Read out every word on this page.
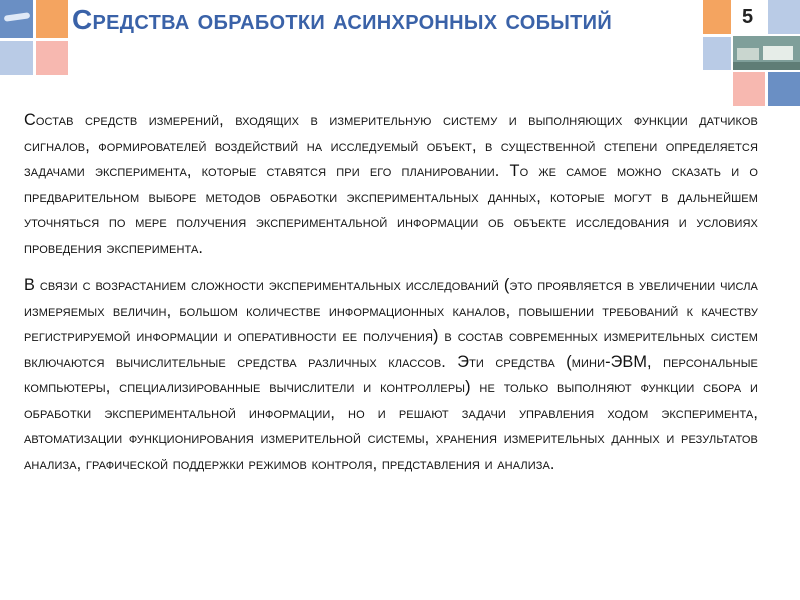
Средства обработки асинхронных событий	5

Состав средств измерений, входящих в измерительную систему и выполняющих функции датчиков сигналов, формирователей воздействий на исследуемый объект, в существенной степени определяется задачами эксперимента, которые ставятся при его планировании. То же самое можно сказать и о предварительном выборе методов обработки экспериментальных данных, которые могут в дальнейшем уточняться по мере получения экспериментальной информации об объекте исследования и условиях проведения эксперимента.

В связи с возрастанием сложности экспериментальных исследований (это проявляется в увеличении числа измеряемых величин, большом количестве информационных каналов, повышении требований к качеству регистрируемой информации и оперативности ее получения) в состав современных измерительных систем включаются вычислительные средства различных классов. Эти средства (мини-ЭВМ, персональные компьютеры, специализированные вычислители и контроллеры) не только выполняют функции сбора и обработки экспериментальной информации, но и решают задачи управления ходом эксперимента, автоматизации функционирования измерительной системы, хранения измерительных данных и результатов анализа, графической поддержки режимов контроля, представления и анализа.
